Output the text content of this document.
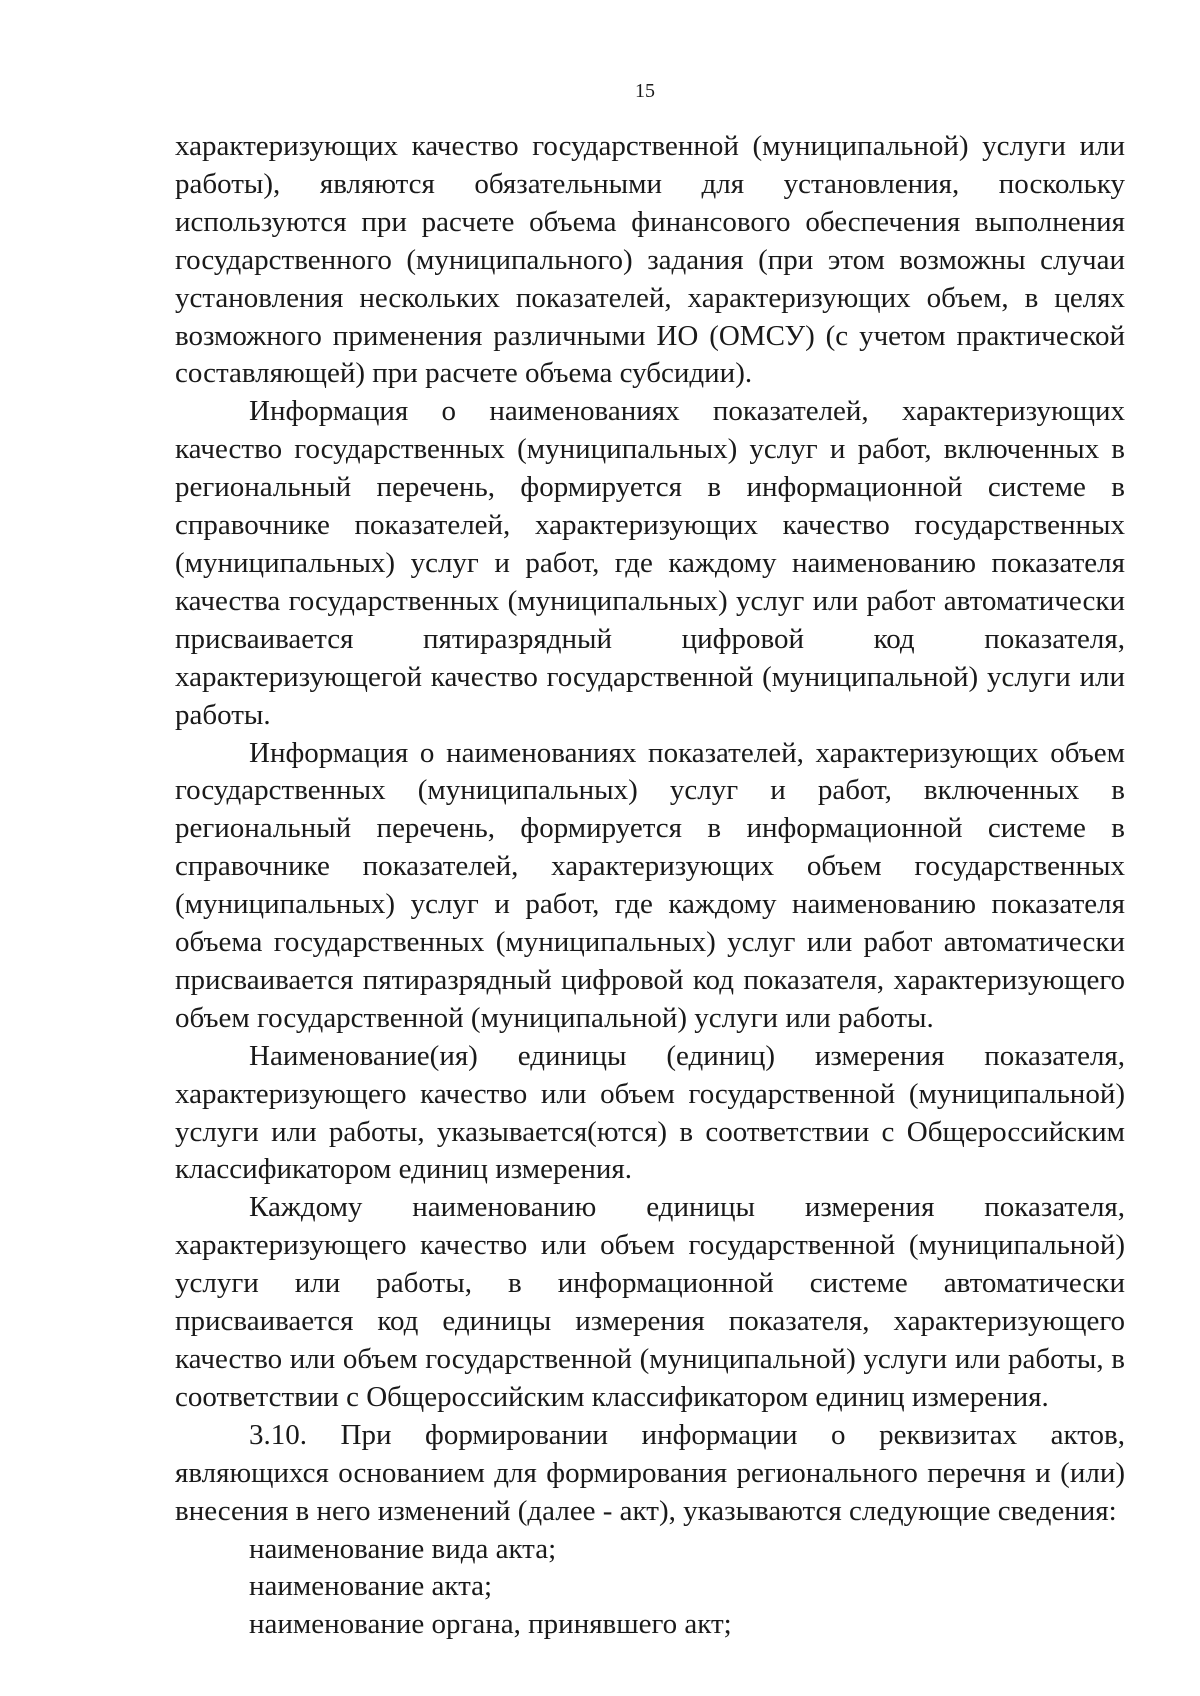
15

характеризующих качество государственной (муниципальной) услуги или работы), являются обязательными для установления, поскольку используются при расчете объема финансового обеспечения выполнения государственного (муниципального) задания (при этом возможны случаи установления нескольких показателей, характеризующих объем, в целях возможного применения различными ИО (ОМСУ) (с учетом практической составляющей) при расчете объема субсидии).

Информация о наименованиях показателей, характеризующих качество государственных (муниципальных) услуг и работ, включенных в региональный перечень, формируется в информационной системе в справочнике показателей, характеризующих качество государственных (муниципальных) услуг и работ, где каждому наименованию показателя качества государственных (муниципальных) услуг или работ автоматически присваивается пятиразрядный цифровой код показателя, характеризующегой качество государственной (муниципальной) услуги или работы.

Информация о наименованиях показателей, характеризующих объем государственных (муниципальных) услуг и работ, включенных в региональный перечень, формируется в информационной системе в справочнике показателей, характеризующих объем государственных (муниципальных) услуг и работ, где каждому наименованию показателя объема государственных (муниципальных) услуг или работ автоматически присваивается пятиразрядный цифровой код показателя, характеризующего объем государственной (муниципальной) услуги или работы.

Наименование(ия) единицы (единиц) измерения показателя, характеризующего качество или объем государственной (муниципальной) услуги или работы, указывается(ются) в соответствии с Общероссийским классификатором единиц измерения.

Каждому наименованию единицы измерения показателя, характеризующего качество или объем государственной (муниципальной) услуги или работы, в информационной системе автоматически присваивается код единицы измерения показателя, характеризующего качество или объем государственной (муниципальной) услуги или работы, в соответствии с Общероссийским классификатором единиц измерения.

3.10. При формировании информации о реквизитах актов, являющихся основанием для формирования регионального перечня и (или) внесения в него изменений (далее - акт), указываются следующие сведения:

наименование вида акта;

наименование акта;

наименование органа, принявшего акт;
